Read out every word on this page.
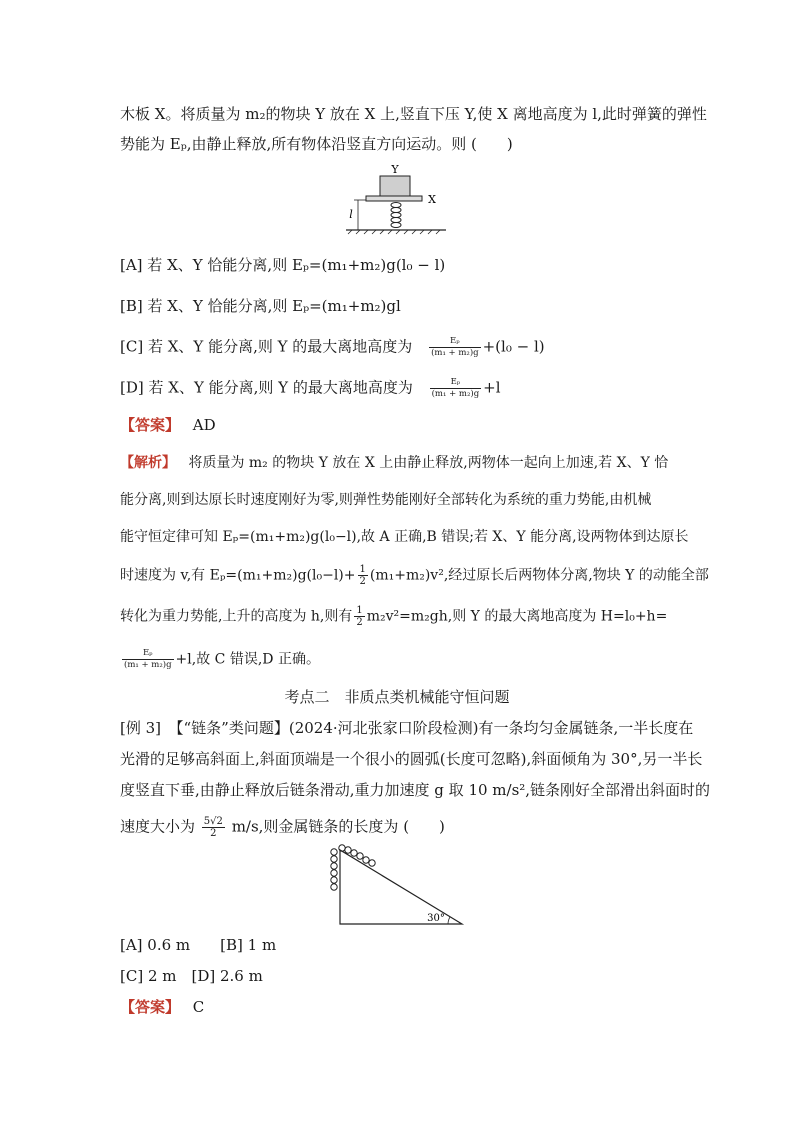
木板 X。将质量为 m₂的物块 Y 放在 X 上,竖直下压 Y,使 X 离地高度为 l,此时弹簧的弹性
势能为 Eₚ,由静止释放,所有物体沿竖直方向运动。则 (　　)
Y
X
l
[A] 若 X、Y 恰能分离,则 Eₚ=(m₁+m₂)g(l₀ − l)
[B] 若 X、Y 恰能分离,则 Eₚ=(m₁+m₂)gl
[C] 若 X、Y 能分离,则 Y 的最大离地高度为 $\frac{\text{Eₚ}}{\text{(m₁ + m₂)g}} +(l_0 - l)$
[D] 若 X、Y 能分离,则 Y 的最大离地高度为 $\frac{\text{Eₚ}}{\text{(m₁ + m₂)g}} +l$
【答案】 AD
【解析】 将质量为 m₂ 的物块 Y 放在 X 上由静止释放,两物体一起向上加速,若 X、Y 恰
能分离,则到达原长时速度刚好为零,则弹性势能刚好全部转化为系统的重力势能,由机械
能守恒定律可知 Eₚ=(m₁+m₂)g(l₀−l),故 A 正确,B 错误;若 X、Y 能分离,设两物体到达原长
时速度为 v,有 $E_p=(m_1+m_2)g(l_0-l)+ \frac{1}{2} (m_1+m_2)v^2$,经过原长后两物体分离,物块 Y 的动能全部
转化为重力势能,上升的高度为 h,则有 $\frac{1}{2} m_2v^2=m_2gh$,则 Y 的最大离地高度为 H=l₀+h=
$\frac{\text{Eₚ}}{\text{(m₁ + m₂)g}} +l$,故 C 错误,D 正确。
考点二　非质点类机械能守恒问题
[例 3]　【“链条”类问题】(2024·河北张家口阶段检测)有一条均匀金属链条,一半长度在
光滑的足够高斜面上,斜面顶端是一个很小的圆弧(长度可忽略),斜面倾角为 30°,另一半长
度竖直下垂,由静止释放后链条滑动,重力加速度 g 取 10 m/s²,链条刚好全部滑出斜面时的
速度大小为 $\frac{5√2}{2} m/s$,则金属链条的长度为 (　　)
30°
[A] 0.6 m　　[B] 1 m
[C] 2 m　[D] 2.6 m
【答案】 C
